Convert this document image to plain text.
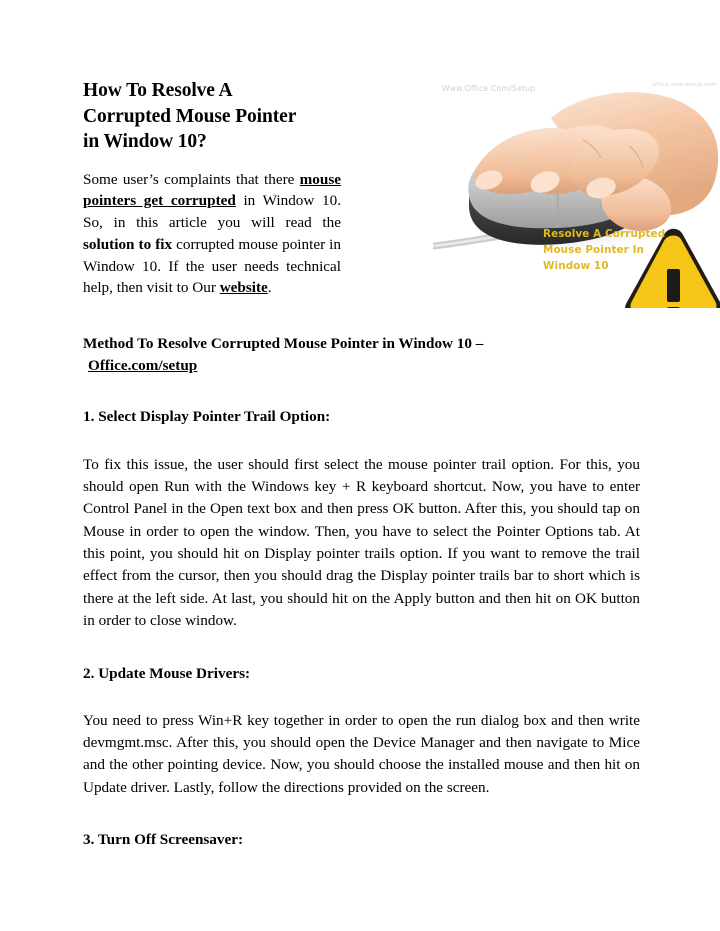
How To Resolve A
Corrupted Mouse Pointer
in Window 10?

Some user’s complaints that there mouse pointers get corrupted in Window 10. So, in this article you will read the solution to fix corrupted mouse pointer in Window 10. If the user needs technical help, then visit to Our website.

Www.Office.Com/Setup	office.com-setup.com
Resolve A Corrupted
Mouse Pointer In
Window 10

Method To Resolve Corrupted Mouse Pointer in Window 10 –
Office.com/setup

1. Select Display Pointer Trail Option:

To fix this issue, the user should first select the mouse pointer trail option. For this, you should open Run with the Windows key + R keyboard shortcut. Now, you have to enter Control Panel in the Open text box and then press OK button. After this, you should tap on Mouse in order to open the window. Then, you have to select the Pointer Options tab. At this point, you should hit on Display pointer trails option. If you want to remove the trail effect from the cursor, then you should drag the Display pointer trails bar to short which is there at the left side. At last, you should hit on the Apply button and then hit on OK button in order to close window.

2. Update Mouse Drivers:

You need to press Win+R key together in order to open the run dialog box and then write devmgmt.msc. After this, you should open the Device Manager and then navigate to Mice and the other pointing device. Now, you should choose the installed mouse and then hit on Update driver. Lastly, follow the directions provided on the screen.

3. Turn Off Screensaver:
